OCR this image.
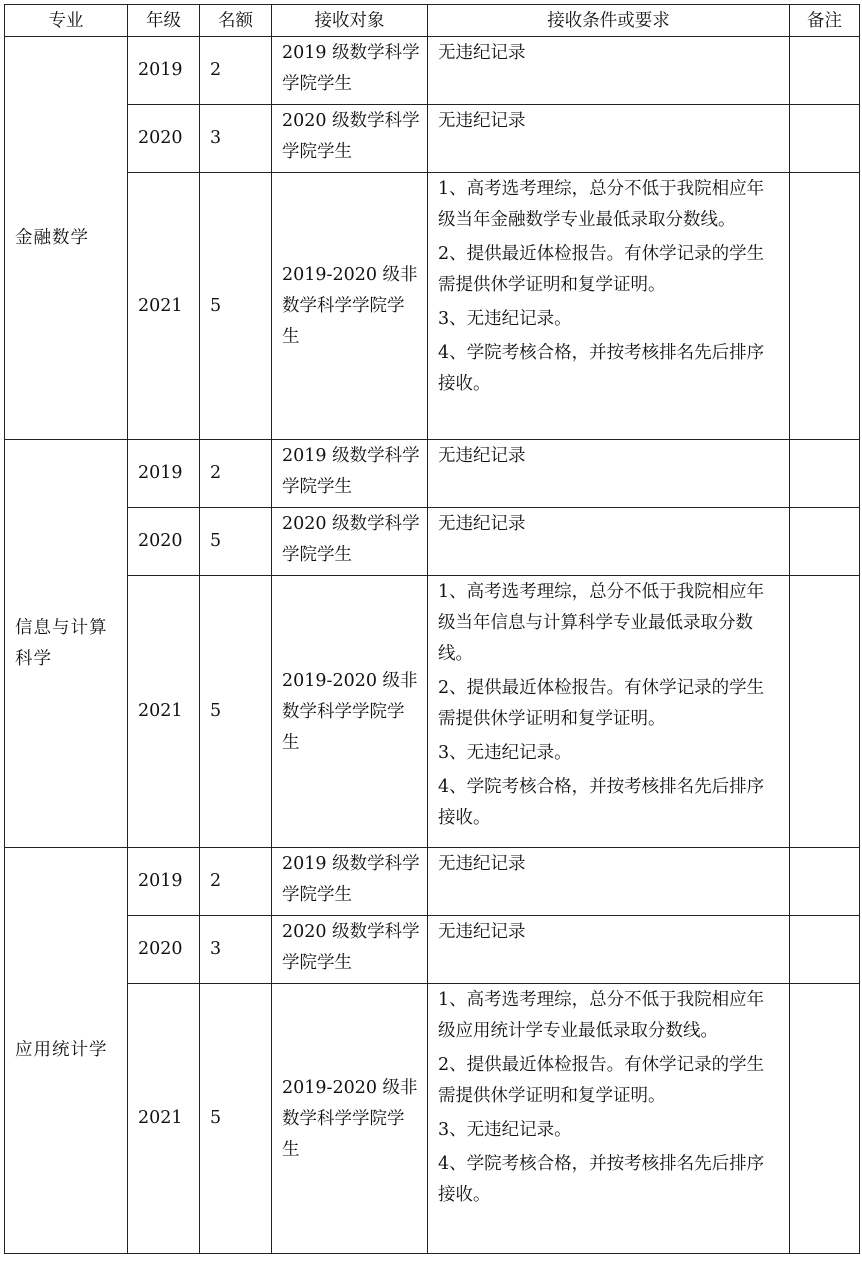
专业	年级	名额	接收对象	接收条件或要求	备注
金融数学	2019	2	2019 级数学科学学院学生	无违纪记录	

	2020	3	2020 级数学科学学院学生	无违纪记录	

	2021	5	2019-2020 级非数学科学学院学生	1、高考选考理综，总分不低于我院相应年级当年金融数学专业最低录取分数线。

2、提供最近体检报告。有休学记录的学生需提供休学证明和复学证明。

3、无违纪记录。

4、学院考核合格，并按考核排名先后排序接收。	

信息与计算科学	2019	2	2019 级数学科学学院学生	无违纪记录	

	2020	5	2020 级数学科学学院学生	无违纪记录	

	2021	5	2019-2020 级非数学科学学院学生	1、高考选考理综，总分不低于我院相应年级当年信息与计算科学专业最低录取分数线。

2、提供最近体检报告。有休学记录的学生需提供休学证明和复学证明。

3、无违纪记录。

4、学院考核合格，并按考核排名先后排序接收。	

应用统计学	2019	2	2019 级数学科学学院学生	无违纪记录	

	2020	3	2020 级数学科学学院学生	无违纪记录	

	2021	5	2019-2020 级非数学科学学院学生	1、高考选考理综，总分不低于我院相应年级应用统计学专业最低录取分数线。

2、提供最近体检报告。有休学记录的学生需提供休学证明和复学证明。

3、无违纪记录。

4、学院考核合格，并按考核排名先后排序接收。	
